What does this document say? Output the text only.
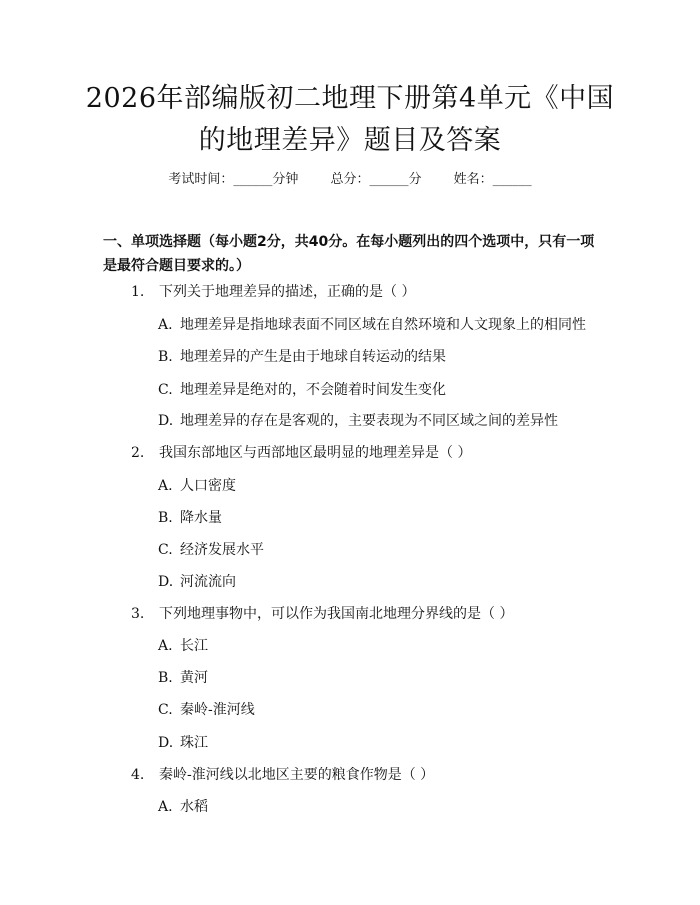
2026年部编版初二地理下册第4单元《中国
的地理差异》题目及答案
考试时间：______分钟 总分：______分 姓名：______
一、单项选择题（每小题2分，共40分。在每小题列出的四个选项中，只有一项是最符合题目要求的。）
1. 下列关于地理差异的描述，正确的是（ ）
A. 地理差异是指地球表面不同区域在自然环境和人文现象上的相同性
B. 地理差异的产生是由于地球自转运动的结果
C. 地理差异是绝对的，不会随着时间发生变化
D. 地理差异的存在是客观的，主要表现为不同区域之间的差异性
2. 我国东部地区与西部地区最明显的地理差异是（ ）
A. 人口密度
B. 降水量
C. 经济发展水平
D. 河流流向
3. 下列地理事物中，可以作为我国南北地理分界线的是（ ）
A. 长江
B. 黄河
C. 秦岭-淮河线
D. 珠江
4. 秦岭-淮河线以北地区主要的粮食作物是（ ）
A. 水稻
